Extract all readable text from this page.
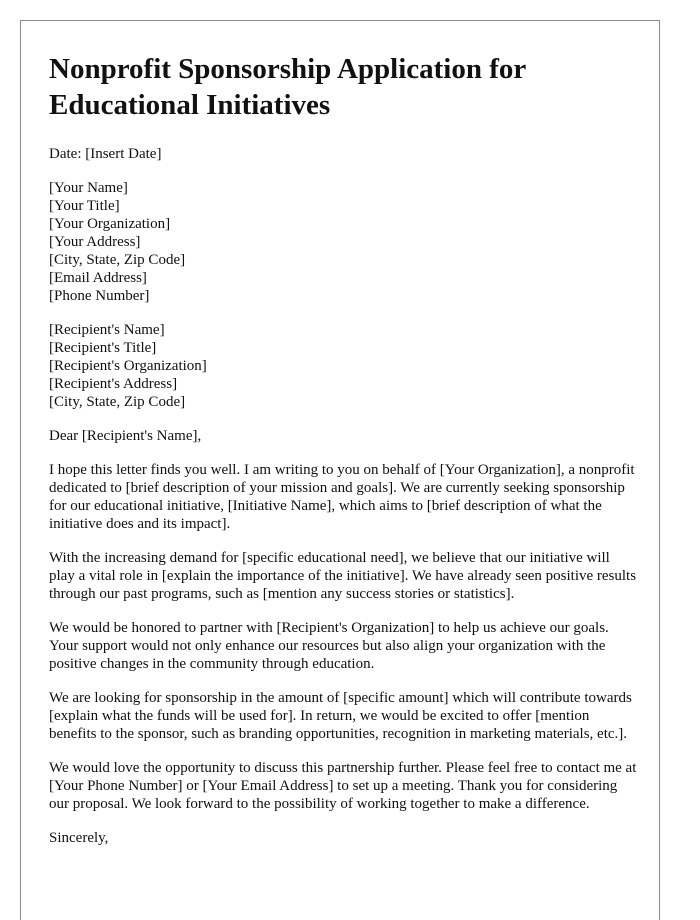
Nonprofit Sponsorship Application for Educational Initiatives
Date: [Insert Date]
[Your Name]
[Your Title]
[Your Organization]
[Your Address]
[City, State, Zip Code]
[Email Address]
[Phone Number]
[Recipient's Name]
[Recipient's Title]
[Recipient's Organization]
[Recipient's Address]
[City, State, Zip Code]
Dear [Recipient's Name],

I hope this letter finds you well. I am writing to you on behalf of [Your Organization], a nonprofit dedicated to [brief description of your mission and goals]. We are currently seeking sponsorship for our educational initiative, [Initiative Name], which aims to [brief description of what the initiative does and its impact].

With the increasing demand for [specific educational need], we believe that our initiative will play a vital role in [explain the importance of the initiative]. We have already seen positive results through our past programs, such as [mention any success stories or statistics].

We would be honored to partner with [Recipient's Organization] to help us achieve our goals. Your support would not only enhance our resources but also align your organization with the positive changes in the community through education.

We are looking for sponsorship in the amount of [specific amount] which will contribute towards [explain what the funds will be used for]. In return, we would be excited to offer [mention benefits to the sponsor, such as branding opportunities, recognition in marketing materials, etc.].

We would love the opportunity to discuss this partnership further. Please feel free to contact me at [Your Phone Number] or [Your Email Address] to set up a meeting. Thank you for considering our proposal. We look forward to the possibility of working together to make a difference.

Sincerely,
